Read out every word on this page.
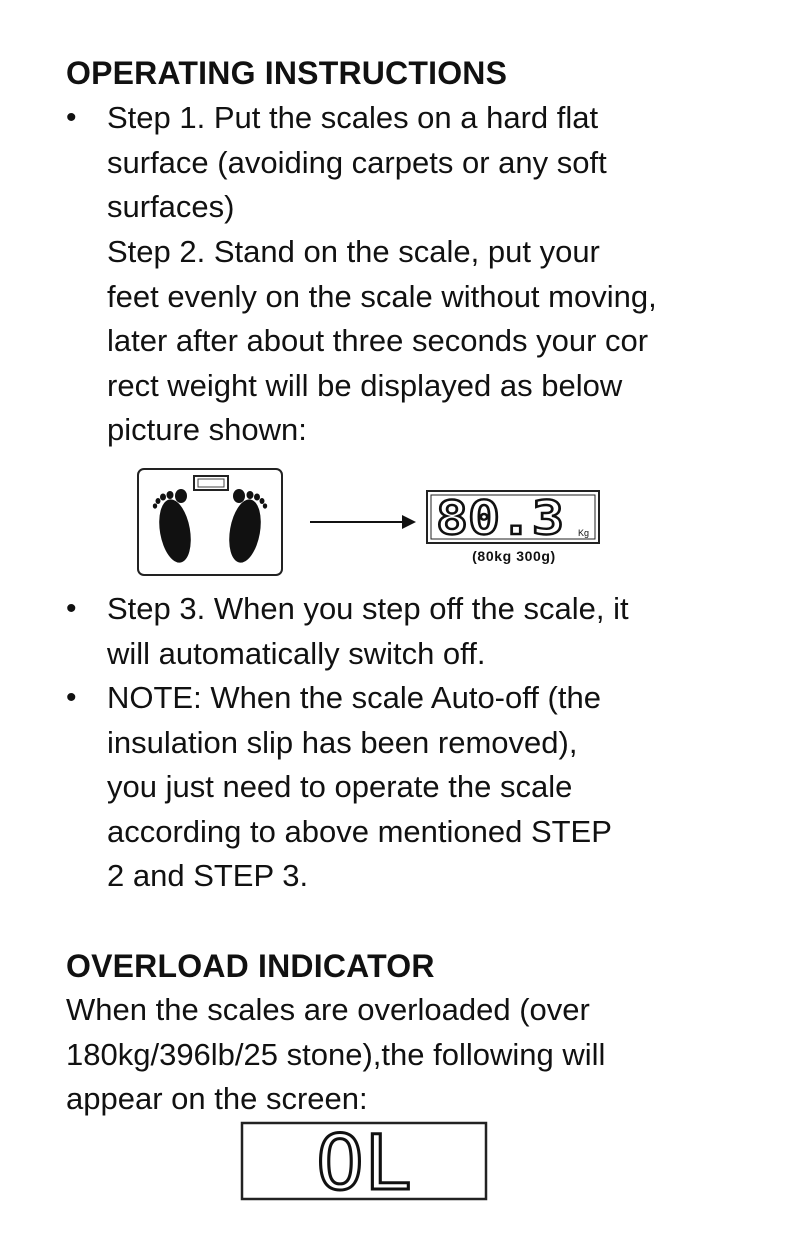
OPERATING INSTRUCTIONS
• Step 1. Put the scales on a hard flat
surface (avoiding carpets or any soft
surfaces)
Step 2. Stand on the scale, put your
feet evenly on the scale without moving,
later after about three seconds your cor
rect weight will be displayed as below
picture shown:
80.3 Kg
(80kg 300g)
• Step 3. When you step off the scale, it
will automatically switch off.
• NOTE: When the scale Auto-off (the
insulation slip has been removed),
you just need to operate the scale
according to above mentioned STEP
2 and STEP 3.
OVERLOAD INDICATOR
When the scales are overloaded (over
180kg/396lb/25 stone),the following will
appear on the screen:
OL
